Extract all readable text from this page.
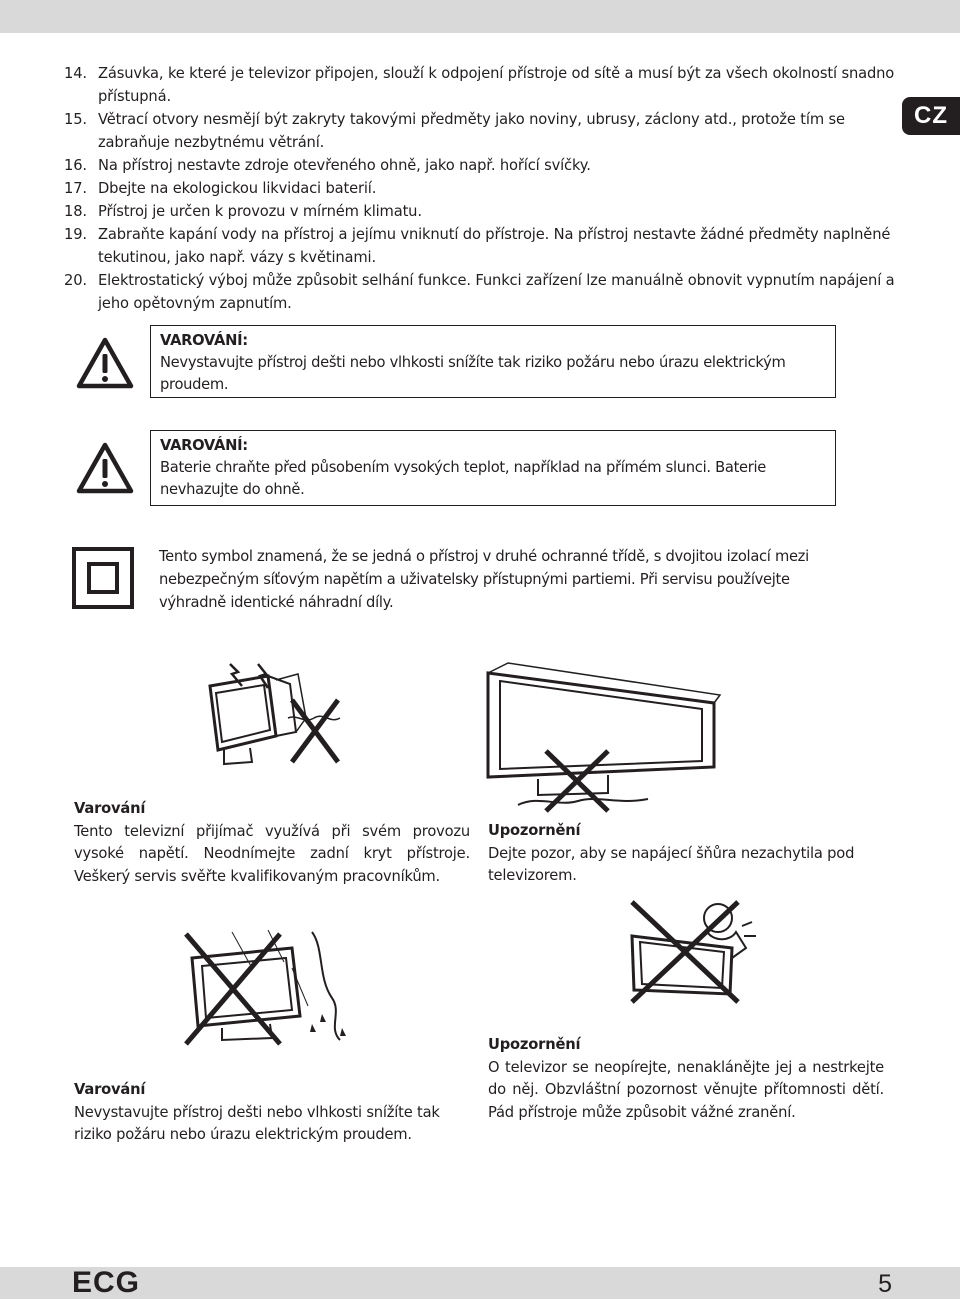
CZ
14. Zásuvka, ke které je televizor připojen, slouží k odpojení přístroje od sítě a musí být za všech okolností snadno přístupná.
15. Větrací otvory nesmějí být zakryty takovými předměty jako noviny, ubrusy, záclony atd., protože tím se zabraňuje nezbytnému větrání.
16. Na přístroj nestavte zdroje otevřeného ohně, jako např. hořící svíčky.
17. Dbejte na ekologickou likvidaci baterií.
18. Přístroj je určen k provozu v mírném klimatu.
19. Zabraňte kapání vody na přístroj a jejímu vniknutí do přístroje. Na přístroj nestavte žádné předměty naplněné tekutinou, jako např. vázy s květinami.
20. Elektrostatický výboj může způsobit selhání funkce. Funkci zařízení lze manuálně obnovit vypnutím napájení a jeho opětovným zapnutím.
VAROVÁNÍ:
Nevystavujte přístroj dešti nebo vlhkosti snížíte tak riziko požáru nebo úrazu elektrickým proudem.
VAROVÁNÍ:
Baterie chraňte před působením vysokých teplot, například na přímém slunci. Baterie nevhazujte do ohně.
Tento symbol znamená, že se jedná o přístroj v druhé ochranné třídě, s dvojitou izolací mezi nebezpečným síťovým napětím a uživatelsky přístupnými partiemi. Při servisu používejte výhradně identické náhradní díly.
Varování
Tento televizní přijímač využívá při svém provozu vysoké napětí. Neodnímejte zadní kryt přístroje. Veškerý servis svěřte kvalifikovaným pracovníkům.
Upozornění
Dejte pozor, aby se napájecí šňůra nezachytila pod televizorem.
Varování
Nevystavujte přístroj dešti nebo vlhkosti snížíte tak riziko požáru nebo úrazu elektrickým proudem.
Upozornění
O televizor se neopírejte, nenaklánějte jej a nestrkejte do něj. Obzvláštní pozornost věnujte přítomnosti dětí. Pád přístroje může způsobit vážné zranění.
ECG	5
